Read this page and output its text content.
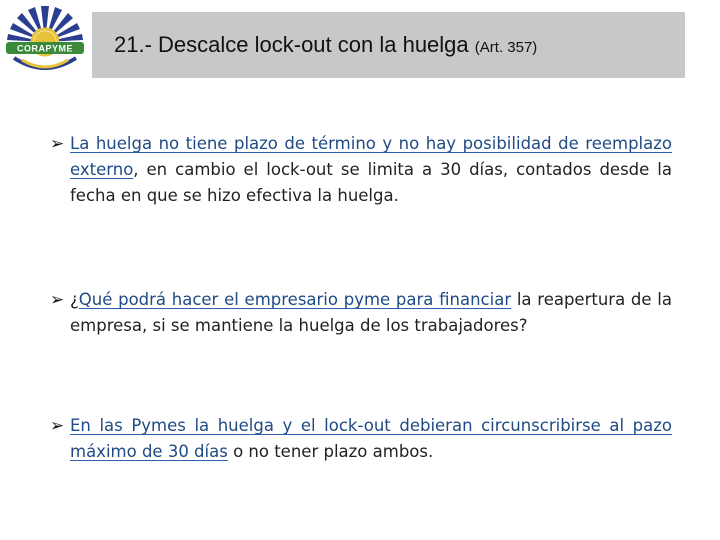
CORAPYME 21.- Descalce lock-out con la huelga (Art. 357)
➢ La huelga no tiene plazo de término y no hay posibilidad de reemplazo externo, en cambio el lock-out se limita a 30 días, contados desde la fecha en que se hizo efectiva la huelga.
➢ ¿Qué podrá hacer el empresario pyme para financiar la reapertura de la empresa, si se mantiene la huelga de los trabajadores?
➢ En las Pymes la huelga y el lock-out debieran circunscribirse al pazo máximo de 30 días o no tener plazo ambos.
